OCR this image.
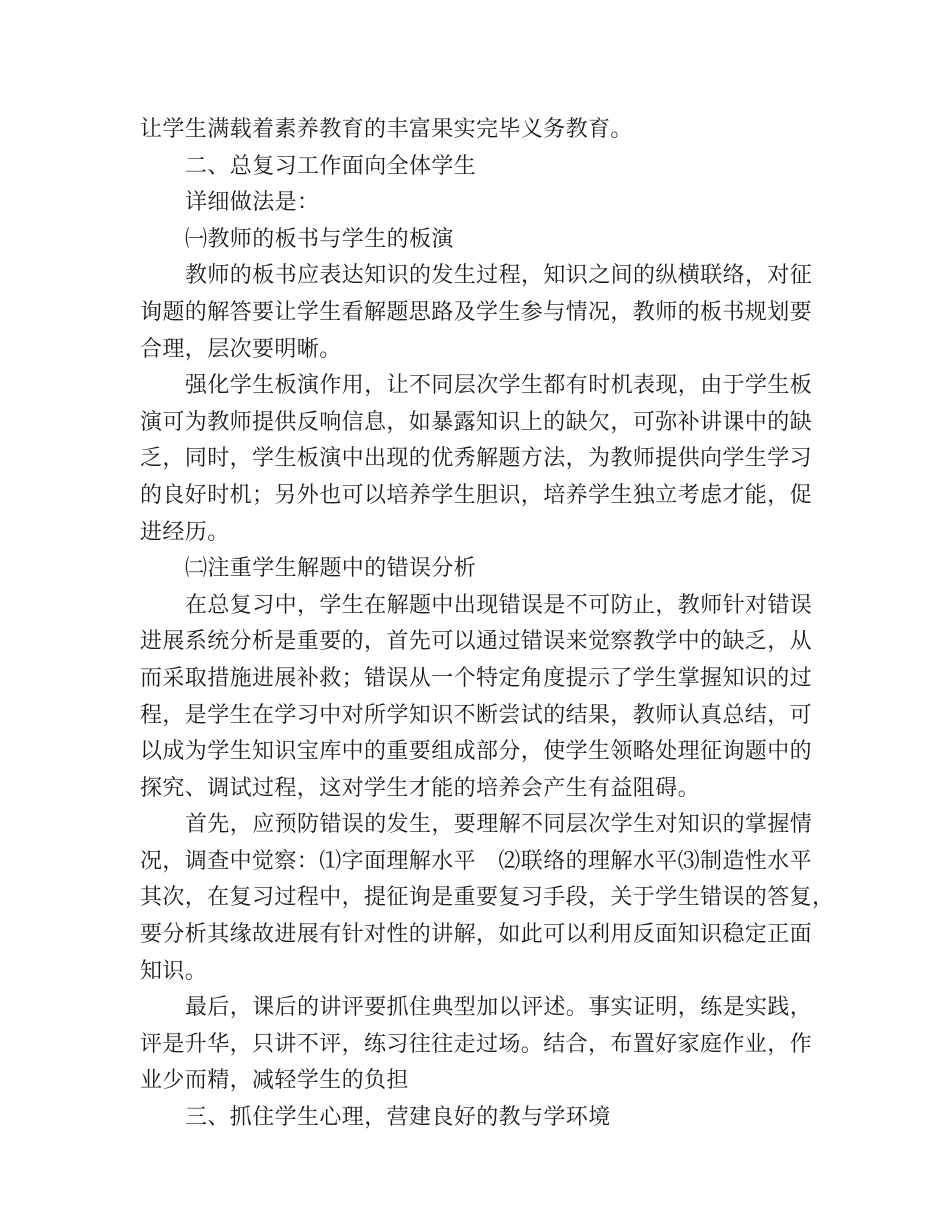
让学生满载着素养教育的丰富果实完毕义务教育。
二、总复习工作面向全体学生
详细做法是：
㈠教师的板书与学生的板演
教师的板书应表达知识的发生过程，知识之间的纵横联络，对征
询题的解答要让学生看解题思路及学生参与情况，教师的板书规划要
合理，层次要明晰。
强化学生板演作用，让不同层次学生都有时机表现，由于学生板
演可为教师提供反响信息，如暴露知识上的缺欠，可弥补讲课中的缺
乏，同时，学生板演中出现的优秀解题方法，为教师提供向学生学习
的良好时机；另外也可以培养学生胆识，培养学生独立考虑才能，促
进经历。
㈡注重学生解题中的错误分析
在总复习中，学生在解题中出现错误是不可防止，教师针对错误
进展系统分析是重要的，首先可以通过错误来觉察教学中的缺乏，从
而采取措施进展补救；错误从一个特定角度提示了学生掌握知识的过
程，是学生在学习中对所学知识不断尝试的结果，教师认真总结，可
以成为学生知识宝库中的重要组成部分，使学生领略处理征询题中的
探究、调试过程，这对学生才能的培养会产生有益阻碍。
首先，应预防错误的发生，要理解不同层次学生对知识的掌握情
况，调查中觉察：⑴字面理解水平　⑵联络的理解水平⑶制造性水平
其次，在复习过程中，提征询是重要复习手段，关于学生错误的答复，
要分析其缘故进展有针对性的讲解，如此可以利用反面知识稳定正面
知识。
最后，课后的讲评要抓住典型加以评述。事实证明，练是实践，
评是升华，只讲不评，练习往往走过场。结合，布置好家庭作业，作
业少而精，减轻学生的负担
三、抓住学生心理，营建良好的教与学环境
